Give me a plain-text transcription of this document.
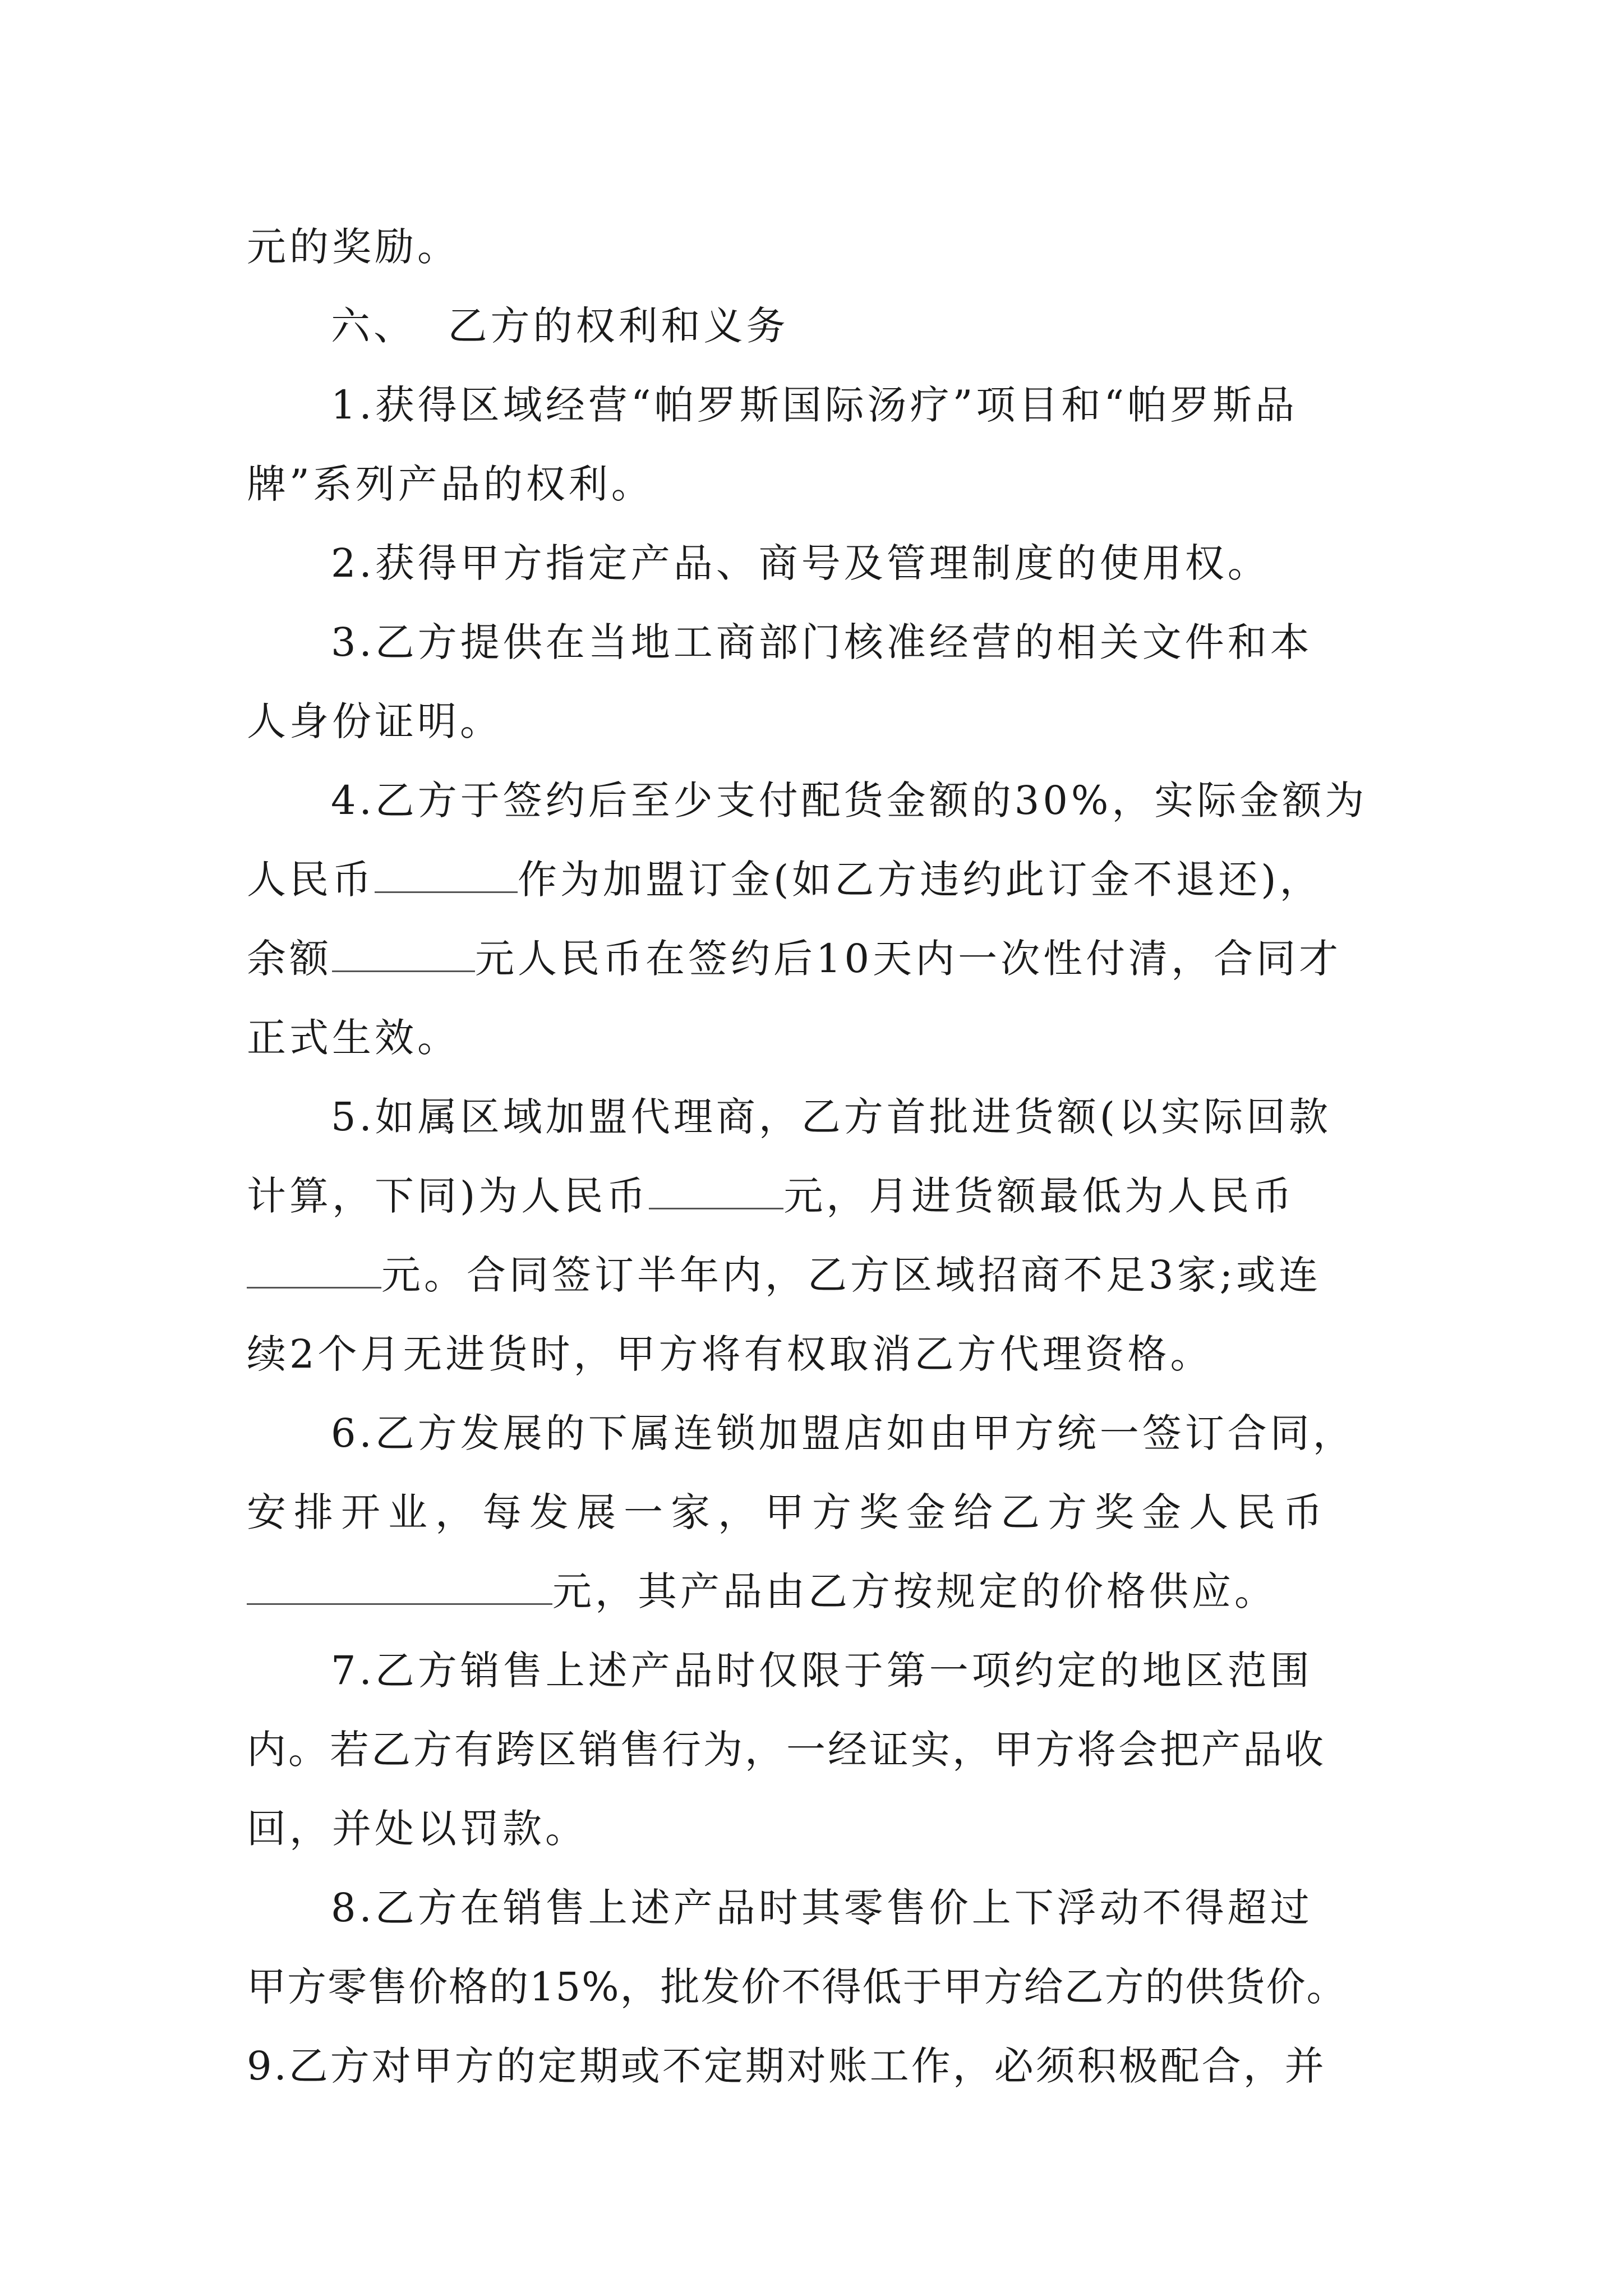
元的奖励。
六、  乙方的权利和义务
1.获得区域经营“帕罗斯国际汤疗”项目和“帕罗斯品
牌”系列产品的权利。
2.获得甲方指定产品、商号及管理制度的使用权。
3.乙方提供在当地工商部门核准经营的相关文件和本
人身份证明。
4.乙方于签约后至少支付配货金额的30%，实际金额为
人民币	作为加盟订金(如乙方违约此订金不退还)，
余额	元人民币在签约后10天内一次性付清，合同才
正式生效。
5.如属区域加盟代理商，乙方首批进货额(以实际回款
计算，下同)为人民币	元，月进货额最低为人民币
元。合同签订半年内，乙方区域招商不足3家;或连
续2个月无进货时，甲方将有权取消乙方代理资格。
6.乙方发展的下属连锁加盟店如由甲方统一签订合同，
安排开业，每发展一家，甲方奖金给乙方奖金人民币
元，其产品由乙方按规定的价格供应。
7.乙方销售上述产品时仅限于第一项约定的地区范围
内。若乙方有跨区销售行为，一经证实，甲方将会把产品收
回，并处以罚款。
8.乙方在销售上述产品时其零售价上下浮动不得超过
甲方零售价格的15%，批发价不得低于甲方给乙方的供货价。
9.乙方对甲方的定期或不定期对账工作，必须积极配合，并
